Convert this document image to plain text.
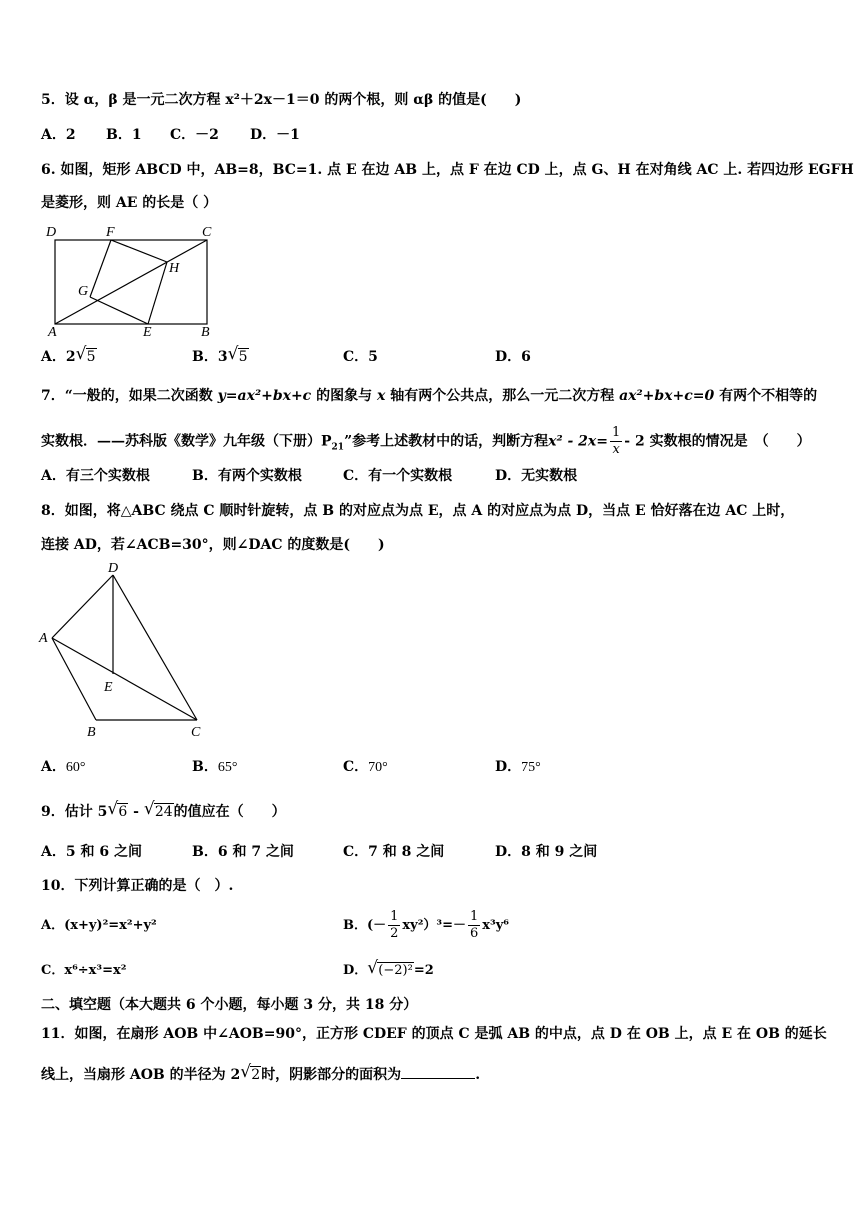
5．设 α，β 是一元二次方程 x²＋2x－1＝0 的两个根，则 αβ 的值是(　　)
A．2 B．1 C．－2 D．－1
6. 如图，矩形 ABCD 中，AB=8，BC=1. 点 E 在边 AB 上，点 F 在边 CD 上，点 G、H 在对角线 AC 上. 若四边形 EGFH
是菱形，则 AE 的长是（ ）
D	F	C
H
G
A	E	B
A．2 √ 5	B．3 √ 5	C．5	D．6
7．“一般的，如果二次函数 y=ax²+bx+c 的图象与 x 轴有两个公共点，那么一元二次方程 ax²+bx+c=0 有两个不相等的
实数根．——苏科版《数学》九年级（下册）$P_{21}$”参考上述教材中的话，判断方程$x^2 - 2x= \frac{1}{x} - 2$ 实数根的情况是　（　　）
A．有三个实数根	B．有两个实数根	C．有一个实数根	D．无实数根
8．如图，将△ABC 绕点 C 顺时针旋转，点 B 的对应点为点 E，点 A 的对应点为点 D，当点 E 恰好落在边 AC 上时，
连接 AD，若∠ACB=30°，则∠DAC 的度数是(　　)
D
A
E
B	C
A．60°	B．65°	C．70°	D．75°
9．估计 5 √ 6 - √ 24的值应在（　　）
A．5 和 6 之间	B．6 和 7 之间	C．7 和 8 之间	D．8 和 9 之间
10．下列计算正确的是（　）.
A．(x+y)²=x²+y²	B．(－ $\frac{1}{2} xy^2)^3=- \frac{1}{6} x^3y^6$
C．x⁶÷x³=x²	D． √ (−2)²=2
二、填空题（本大题共 6 个小题，每小题 3 分，共 18 分）
11．如图，在扇形 AOB 中∠AOB=90°，正方形 CDEF 的顶点 C 是弧 AB 的中点，点 D 在 OB 上，点 E 在 OB 的延长
线上，当扇形 AOB 的半径为 2 √ 2时，阴影部分的面积为	.
